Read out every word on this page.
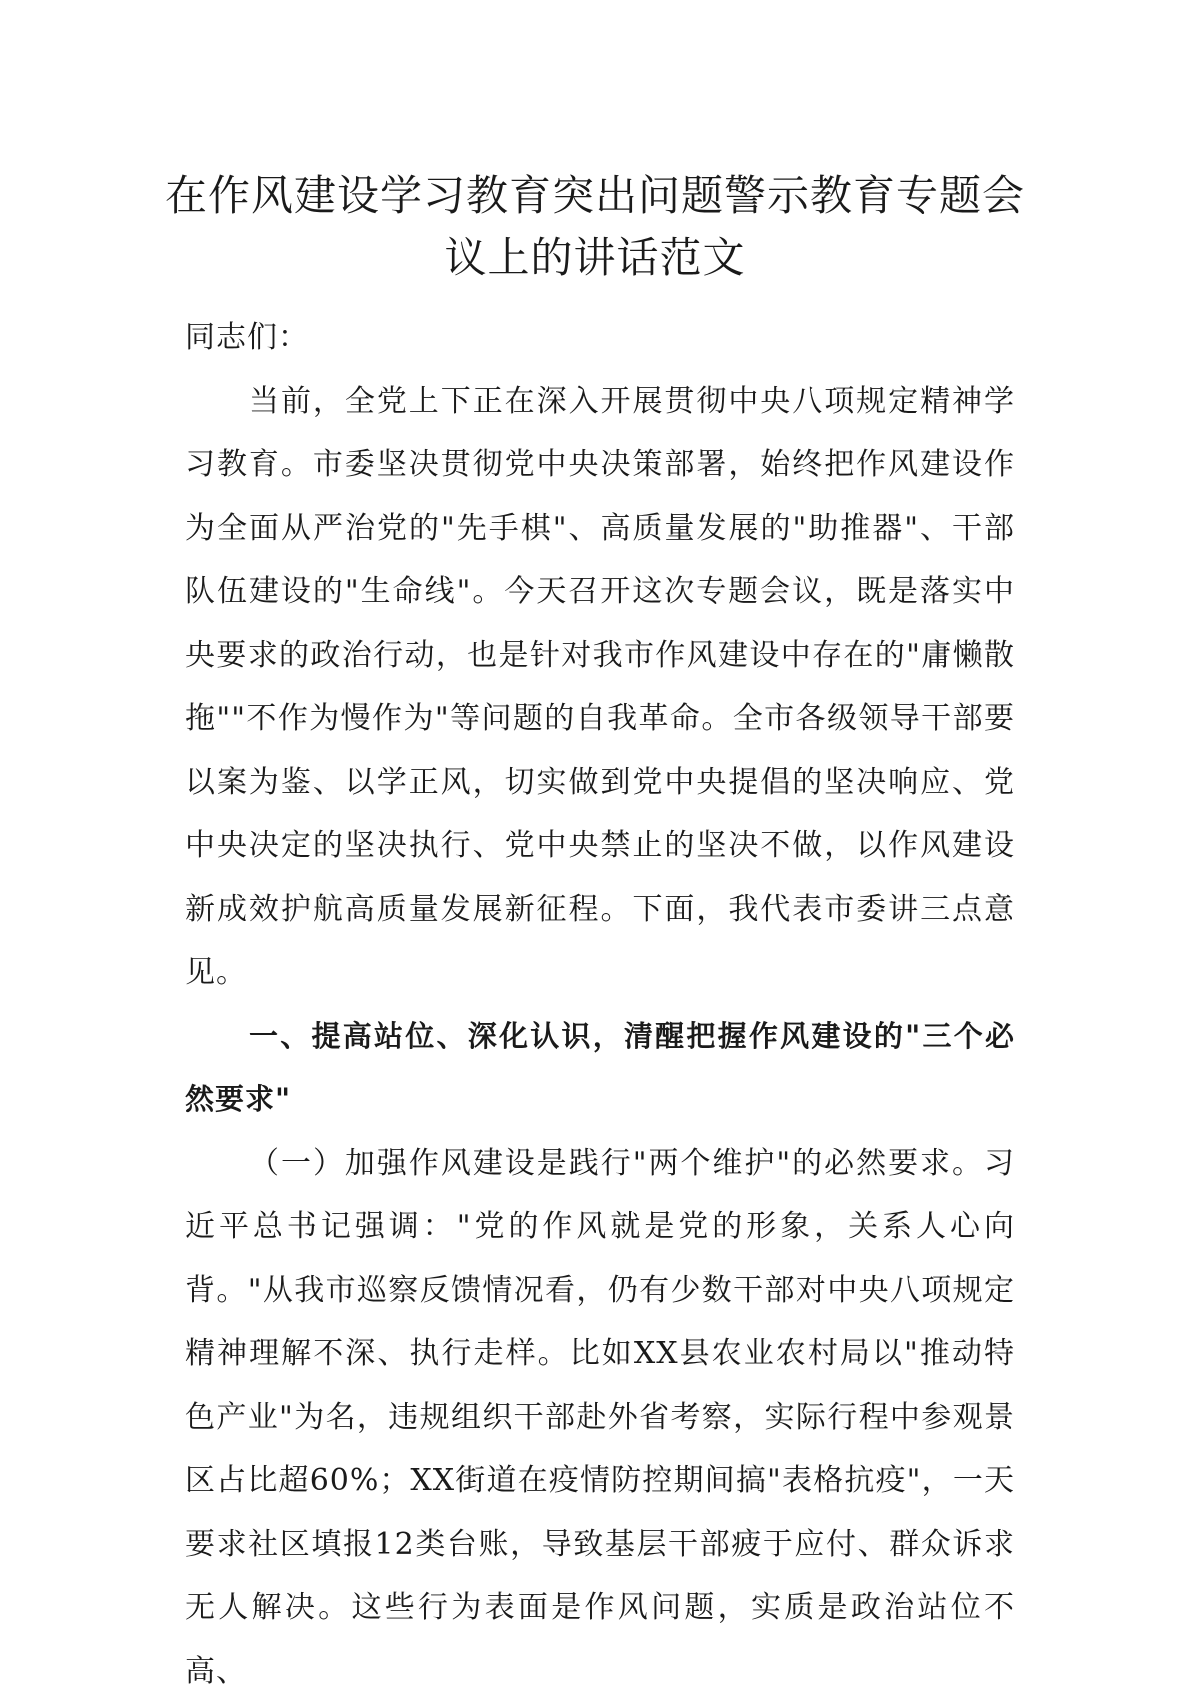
在作风建设学习教育突出问题警示教育专题会议上的讲话范文

同志们：

当前，全党上下正在深入开展贯彻中央八项规定精神学习教育。市委坚决贯彻党中央决策部署，始终把作风建设作为全面从严治党的"先手棋"、高质量发展的"助推器"、干部队伍建设的"生命线"。今天召开这次专题会议，既是落实中央要求的政治行动，也是针对我市作风建设中存在的"庸懒散拖""不作为慢作为"等问题的自我革命。全市各级领导干部要以案为鉴、以学正风，切实做到党中央提倡的坚决响应、党中央决定的坚决执行、党中央禁止的坚决不做，以作风建设新成效护航高质量发展新征程。下面，我代表市委讲三点意见。

一、提高站位、深化认识，清醒把握作风建设的"三个必然要求"

（一）加强作风建设是践行"两个维护"的必然要求。习近平总书记强调："党的作风就是党的形象，关系人心向背。"从我市巡察反馈情况看，仍有少数干部对中央八项规定精神理解不深、执行走样。比如XX县农业农村局以"推动特色产业"为名，违规组织干部赴外省考察，实际行程中参观景区占比超60%；XX街道在疫情防控期间搞"表格抗疫"，一天要求社区填报12类台账，导致基层干部疲于应付、群众诉求无人解决。这些行为表面是作风问题，实质是政治站位不高、
